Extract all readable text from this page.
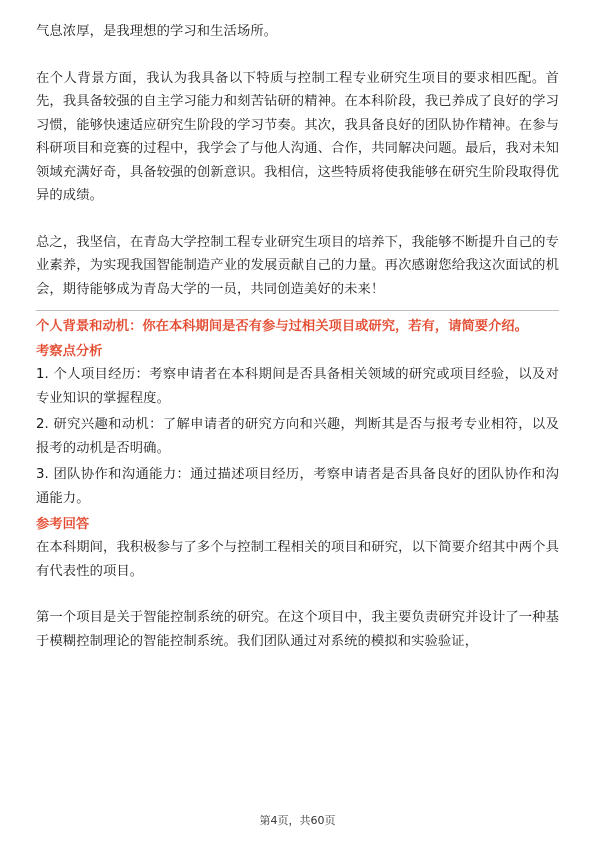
气息浓厚，是我理想的学习和生活场所。

在个人背景方面，我认为我具备以下特质与控制工程专业研究生项目的要求相匹配。首先，我具备较强的自主学习能力和刻苦钻研的精神。在本科阶段，我已养成了良好的学习习惯，能够快速适应研究生阶段的学习节奏。其次，我具备良好的团队协作精神。在参与科研项目和竞赛的过程中，我学会了与他人沟通、合作，共同解决问题。最后，我对未知领域充满好奇，具备较强的创新意识。我相信，这些特质将使我能够在研究生阶段取得优异的成绩。

总之，我坚信，在青岛大学控制工程专业研究生项目的培养下，我能够不断提升自己的专业素养，为实现我国智能制造产业的发展贡献自己的力量。再次感谢您给我这次面试的机会，期待能够成为青岛大学的一员，共同创造美好的未来！

个人背景和动机：你在本科期间是否有参与过相关项目或研究，若有，请简要介绍。
考察点分析

1. 个人项目经历：考察申请者在本科期间是否具备相关领域的研究或项目经验，以及对专业知识的掌握程度。

2. 研究兴趣和动机：了解申请者的研究方向和兴趣，判断其是否与报考专业相符，以及报考的动机是否明确。

3. 团队协作和沟通能力：通过描述项目经历，考察申请者是否具备良好的团队协作和沟通能力。

参考回答

在本科期间，我积极参与了多个与控制工程相关的项目和研究，以下简要介绍其中两个具有代表性的项目。

第一个项目是关于智能控制系统的研究。在这个项目中，我主要负责研究并设计了一种基于模糊控制理论的智能控制系统。我们团队通过对系统的模拟和实验验证，

第4页，共60页
